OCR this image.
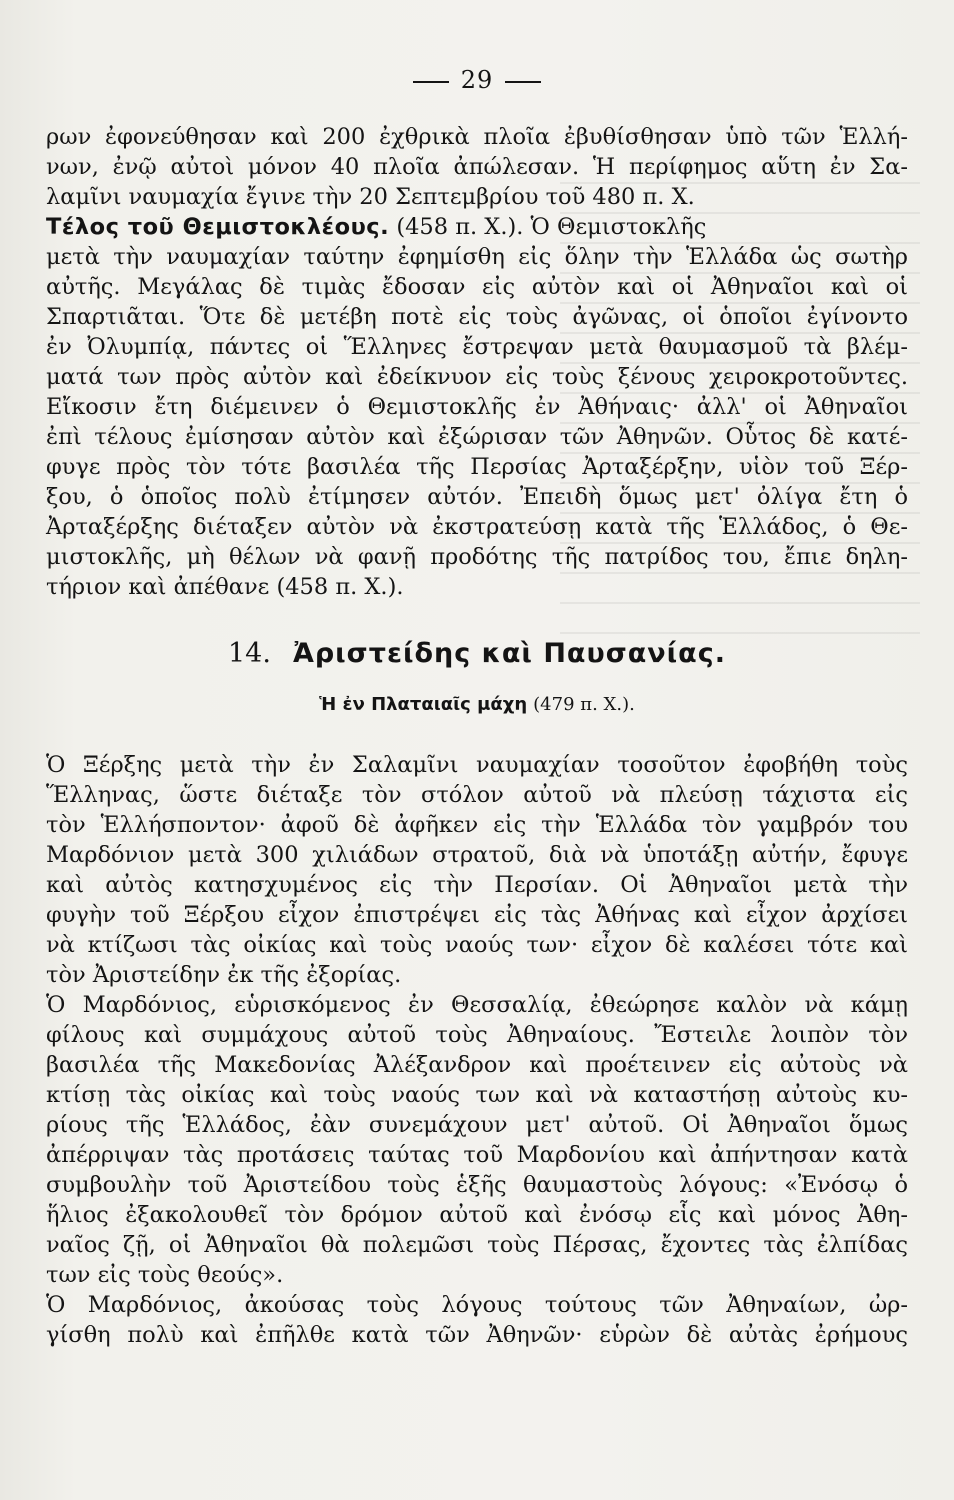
29
ρων ἐφονεύθησαν καὶ 200 ἐχθρικὰ πλοῖα ἐβυθίσθησαν ὑπὸ τῶν Ἑλλή-
νων, ἐνῷ αὐτοὶ μόνον 40 πλοῖα ἀπώλεσαν. Ἡ περίφημος αὕτη ἐν Σα-
λαμῖνι ναυμαχία ἔγινε τὴν 20 Σεπτεμβρίου τοῦ 480 π. Χ.
Τέλος τοῦ Θεμιστοκλέους. (458 π. Χ.). Ὁ Θεμιστοκλῆς
μετὰ τὴν ναυμαχίαν ταύτην ἐφημίσθη εἰς ὅλην τὴν Ἑλλάδα ὡς σωτὴρ
αὐτῆς. Μεγάλας δὲ τιμὰς ἔδοσαν εἰς αὐτὸν καὶ οἱ Ἀθηναῖοι καὶ οἱ
Σπαρτιᾶται. Ὅτε δὲ μετέβη ποτὲ εἰς τοὺς ἀγῶνας, οἱ ὁποῖοι ἐγίνοντο
ἐν Ὀλυμπίᾳ, πάντες οἱ Ἕλληνες ἔστρεψαν μετὰ θαυμασμοῦ τὰ βλέμ-
ματά των πρὸς αὐτὸν καὶ ἐδείκνυον εἰς τοὺς ξένους χειροκροτοῦντες.
Εἴκοσιν ἔτη διέμεινεν ὁ Θεμιστοκλῆς ἐν Ἀθήναις· ἀλλ' οἱ Ἀθηναῖοι
ἐπὶ τέλους ἐμίσησαν αὐτὸν καὶ ἐξώρισαν τῶν Ἀθηνῶν. Οὗτος δὲ κατέ-
φυγε πρὸς τὸν τότε βασιλέα τῆς Περσίας Ἀρταξέρξην, υἱὸν τοῦ Ξέρ-
ξου, ὁ ὁποῖος πολὺ ἐτίμησεν αὐτόν. Ἐπειδὴ ὅμως μετ' ὀλίγα ἔτη ὁ
Ἀρταξέρξης διέταξεν αὐτὸν νὰ ἐκστρατεύσῃ κατὰ τῆς Ἑλλάδος, ὁ Θε-
μιστοκλῆς, μὴ θέλων νὰ φανῇ προδότης τῆς πατρίδος του, ἔπιε δηλη-
τήριον καὶ ἀπέθανε (458 π. Χ.).
14. Ἀριστείδης καὶ Παυσανίας.
Ἡ ἐν Πλαταιαῖς μάχη (479 π. Χ.).
Ὁ Ξέρξης μετὰ τὴν ἐν Σαλαμῖνι ναυμαχίαν τοσοῦτον ἐφοβήθη τοὺς
Ἕλληνας, ὥστε διέταξε τὸν στόλον αὐτοῦ νὰ πλεύσῃ τάχιστα εἰς
τὸν Ἑλλήσποντον· ἀφοῦ δὲ ἀφῆκεν εἰς τὴν Ἑλλάδα τὸν γαμβρόν του
Μαρδόνιον μετὰ 300 χιλιάδων στρατοῦ, διὰ νὰ ὑποτάξῃ αὐτήν, ἔφυγε
καὶ αὐτὸς κατησχυμένος εἰς τὴν Περσίαν. Οἱ Ἀθηναῖοι μετὰ τὴν
φυγὴν τοῦ Ξέρξου εἶχον ἐπιστρέψει εἰς τὰς Ἀθήνας καὶ εἶχον ἀρχίσει
νὰ κτίζωσι τὰς οἰκίας καὶ τοὺς ναούς των· εἶχον δὲ καλέσει τότε καὶ
τὸν Ἀριστείδην ἐκ τῆς ἐξορίας.
Ὁ Μαρδόνιος, εὑρισκόμενος ἐν Θεσσαλίᾳ, ἐθεώρησε καλὸν νὰ κάμῃ
φίλους καὶ συμμάχους αὐτοῦ τοὺς Ἀθηναίους. Ἔστειλε λοιπὸν τὸν
βασιλέα τῆς Μακεδονίας Ἀλέξανδρον καὶ προέτεινεν εἰς αὐτοὺς νὰ
κτίσῃ τὰς οἰκίας καὶ τοὺς ναούς των καὶ νὰ καταστήσῃ αὐτοὺς κυ-
ρίους τῆς Ἑλλάδος, ἐὰν συνεμάχουν μετ' αὐτοῦ. Οἱ Ἀθηναῖοι ὅμως
ἀπέρριψαν τὰς προτάσεις ταύτας τοῦ Μαρδονίου καὶ ἀπήντησαν κατὰ
συμβουλὴν τοῦ Ἀριστείδου τοὺς ἑξῆς θαυμαστοὺς λόγους: «Ἐνόσῳ ὁ
ἥλιος ἐξακολουθεῖ τὸν δρόμον αὐτοῦ καὶ ἐνόσῳ εἷς καὶ μόνος Ἀθη-
ναῖος ζῇ, οἱ Ἀθηναῖοι θὰ πολεμῶσι τοὺς Πέρσας, ἔχοντες τὰς ἐλπίδας
των εἰς τοὺς θεούς».
Ὁ Μαρδόνιος, ἀκούσας τοὺς λόγους τούτους τῶν Ἀθηναίων, ὠρ-
γίσθη πολὺ καὶ ἐπῆλθε κατὰ τῶν Ἀθηνῶν· εὑρὼν δὲ αὐτὰς ἐρήμους
